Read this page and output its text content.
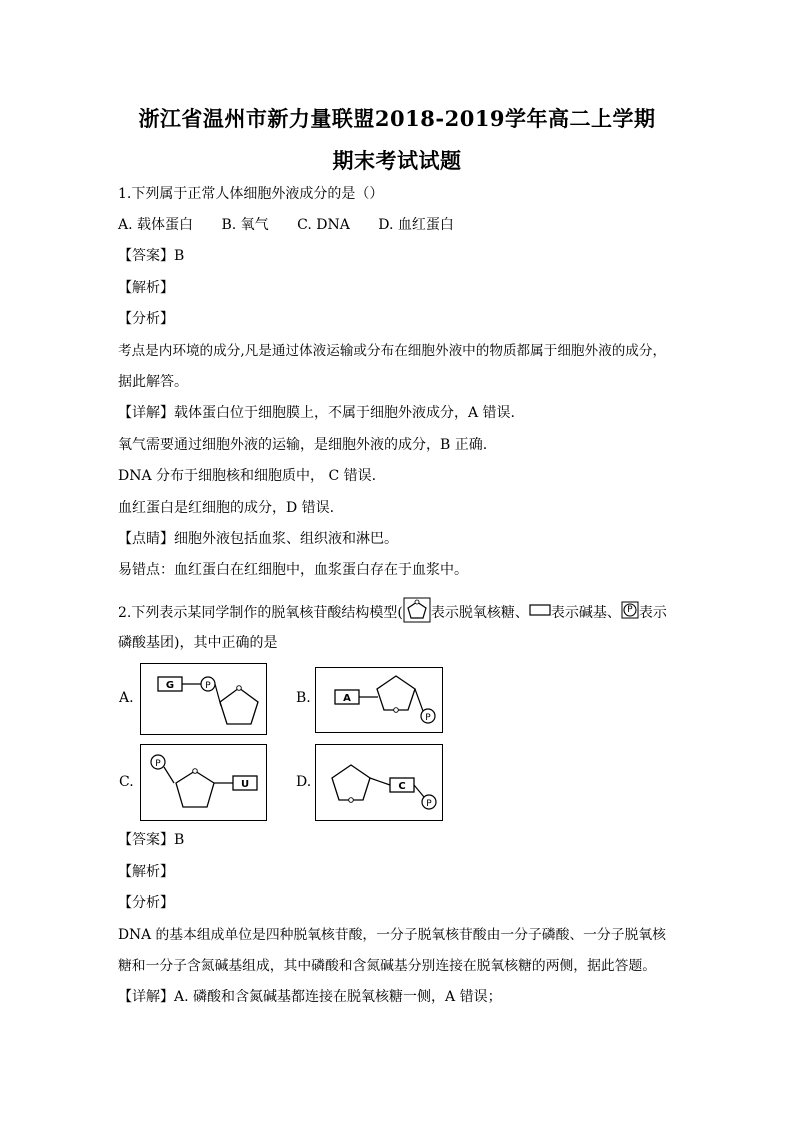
浙江省温州市新力量联盟2018-2019学年高二上学期
期末考试试题
1.下列属于正常人体细胞外液成分的是（）
A. 载体蛋白 B. 氧气 C. DNA D. 血红蛋白
【答案】B
【解析】
【分析】
考点是内环境的成分,凡是通过体液运输或分布在细胞外液中的物质都属于细胞外液的成分，
据此解答。
【详解】载体蛋白位于细胞膜上，不属于细胞外液成分，A 错误.
氧气需要通过细胞外液的运输，是细胞外液的成分，B 正确.
DNA 分布于细胞核和细胞质中， C 错误.
血红蛋白是红细胞的成分，D 错误.
【点睛】细胞外液包括血浆、组织液和淋巴。
易错点：血红蛋白在红细胞中，血浆蛋白存在于血浆中。
2.下列表示某同学制作的脱氧核苷酸结构模型( 表示脱氧核糖、 表示碱基、 P 表示
磷酸基团)，其中正确的是
A.
G	P
B.	A
P
C.
P
U	D.	C
P
【答案】B
【解析】
【分析】
DNA 的基本组成单位是四种脱氧核苷酸，一分子脱氧核苷酸由一分子磷酸、一分子脱氧核
糖和一分子含氮碱基组成，其中磷酸和含氮碱基分别连接在脱氧核糖的两侧，据此答题。
【详解】A. 磷酸和含氮碱基都连接在脱氧核糖一侧，A 错误；
